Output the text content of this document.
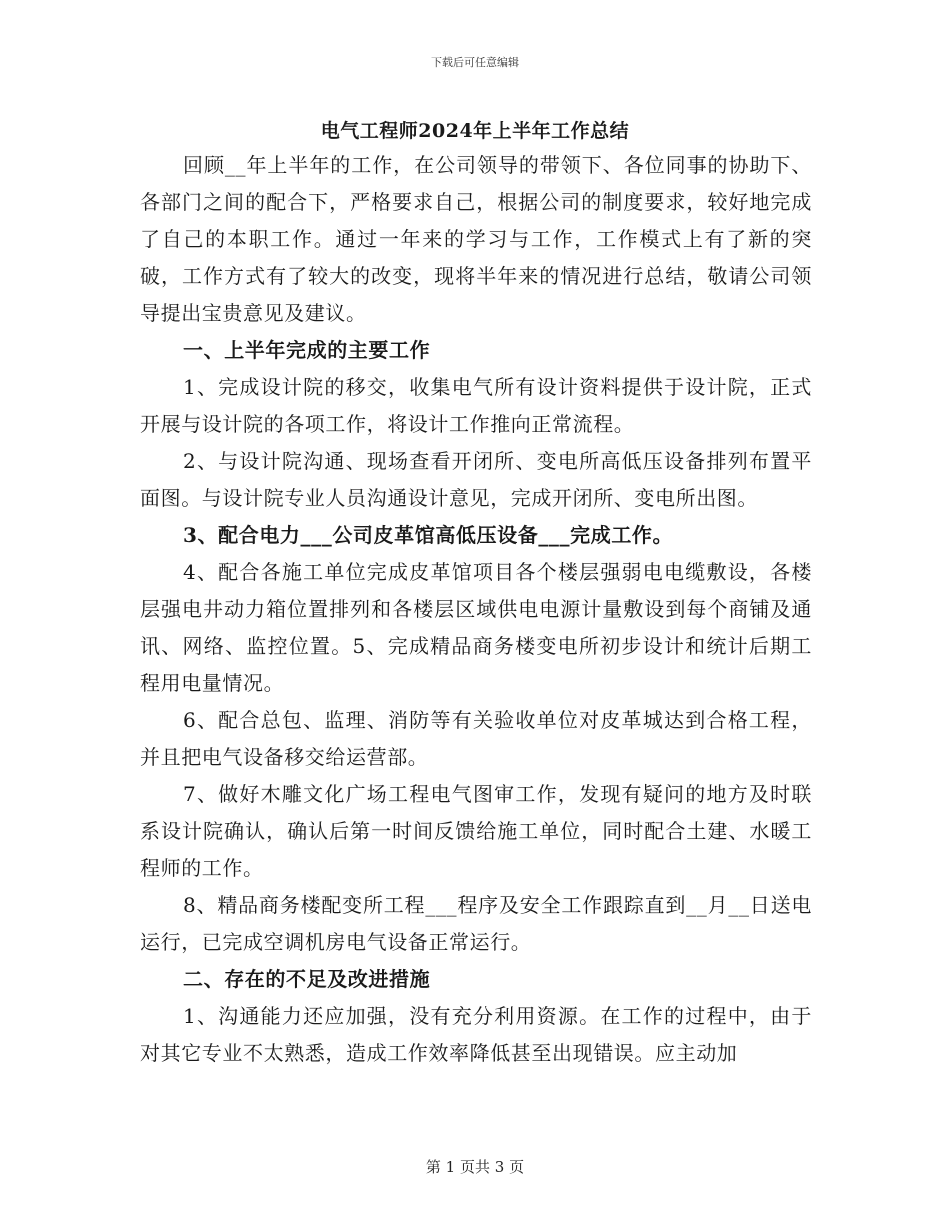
下载后可任意编辑
电气工程师2024年上半年工作总结

回顾__年上半年的工作，在公司领导的带领下、各位同事的协助下、各部门之间的配合下，严格要求自己，根据公司的制度要求，较好地完成了自己的本职工作。通过一年来的学习与工作，工作模式上有了新的突破，工作方式有了较大的改变，现将半年来的情况进行总结，敬请公司领导提出宝贵意见及建议。

一、上半年完成的主要工作

1、完成设计院的移交，收集电气所有设计资料提供于设计院，正式开展与设计院的各项工作，将设计工作推向正常流程。

2、与设计院沟通、现场查看开闭所、变电所高低压设备排列布置平面图。与设计院专业人员沟通设计意见，完成开闭所、变电所出图。

3、配合电力___公司皮革馆高低压设备___完成工作。

4、配合各施工单位完成皮革馆项目各个楼层强弱电电缆敷设，各楼层强电井动力箱位置排列和各楼层区域供电电源计量敷设到每个商铺及通讯、网络、监控位置。5、完成精品商务楼变电所初步设计和统计后期工程用电量情况。

6、配合总包、监理、消防等有关验收单位对皮革城达到合格工程，并且把电气设备移交给运营部。

7、做好木雕文化广场工程电气图审工作，发现有疑问的地方及时联系设计院确认，确认后第一时间反馈给施工单位，同时配合土建、水暖工程师的工作。

8、精品商务楼配变所工程___程序及安全工作跟踪直到__月__日送电运行，已完成空调机房电气设备正常运行。

二、存在的不足及改进措施

1、沟通能力还应加强，没有充分利用资源。在工作的过程中，由于对其它专业不太熟悉，造成工作效率降低甚至出现错误。应主动加

第 1 页共 3 页
